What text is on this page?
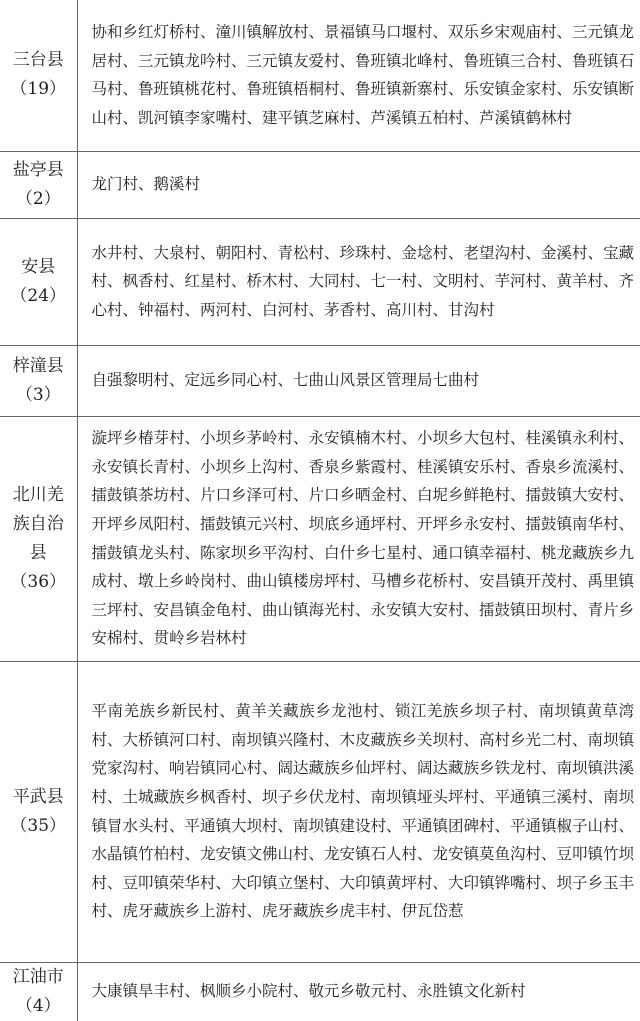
三台县
（19）	协和乡红灯桥村、潼川镇解放村、景福镇马口堰村、双乐乡宋观庙村、三元镇龙居村、三元镇龙吟村、三元镇友爱村、鲁班镇北峰村、鲁班镇三合村、鲁班镇石马村、鲁班镇桃花村、鲁班镇梧桐村、鲁班镇新寨村、乐安镇金家村、乐安镇断山村、凯河镇李家嘴村、建平镇芝麻村、芦溪镇五柏村、芦溪镇鹤林村

盐亭县
（2）	龙门村、鹅溪村

安县
（24）	水井村、大泉村、朝阳村、青松村、珍珠村、金埝村、老望沟村、金溪村、宝藏村、枫香村、红星村、桥木村、大同村、七一村、文明村、芋河村、黄羊村、齐心村、钟福村、两河村、白河村、茅香村、高川村、甘沟村

梓潼县
（3）	自强黎明村、定远乡同心村、七曲山风景区管理局七曲村

北川羌族自治县
（36）	漩坪乡椿芽村、小坝乡茅岭村、永安镇楠木村、小坝乡大包村、桂溪镇永利村、永安镇长青村、小坝乡上沟村、香泉乡紫霞村、桂溪镇安乐村、香泉乡流溪村、擂鼓镇茶坊村、片口乡泽可村、片口乡晒金村、白坭乡鲜艳村、擂鼓镇大安村、开坪乡凤阳村、擂鼓镇元兴村、坝底乡通坪村、开坪乡永安村、擂鼓镇南华村、擂鼓镇龙头村、陈家坝乡平沟村、白什乡七星村、通口镇幸福村、桃龙藏族乡九成村、墩上乡岭岗村、曲山镇楼房坪村、马槽乡花桥村、安昌镇开茂村、禹里镇三坪村、安昌镇金龟村、曲山镇海光村、永安镇大安村、擂鼓镇田坝村、青片乡安棉村、贯岭乡岩林村

平武县
（35）	平南羌族乡新民村、黄羊关藏族乡龙池村、锁江羌族乡坝子村、南坝镇黄草湾村、大桥镇河口村、南坝镇兴隆村、木皮藏族乡关坝村、高村乡光二村、南坝镇党家沟村、响岩镇同心村、阔达藏族乡仙坪村、阔达藏族乡铁龙村、南坝镇洪溪村、土城藏族乡枫香村、坝子乡伏龙村、南坝镇垭头坪村、平通镇三溪村、南坝镇冒水头村、平通镇大坝村、南坝镇建设村、平通镇团碑村、平通镇椒子山村、水晶镇竹柏村、龙安镇文佛山村、龙安镇石人村、龙安镇莫鱼沟村、豆叩镇竹坝村、豆叩镇荣华村、大印镇立堡村、大印镇黄坪村、大印镇铧嘴村、坝子乡玉丰村、虎牙藏族乡上游村、虎牙藏族乡虎丰村、伊瓦岱惹

江油市
（4）	大康镇旱丰村、枫顺乡小院村、敬元乡敬元村、永胜镇文化新村
